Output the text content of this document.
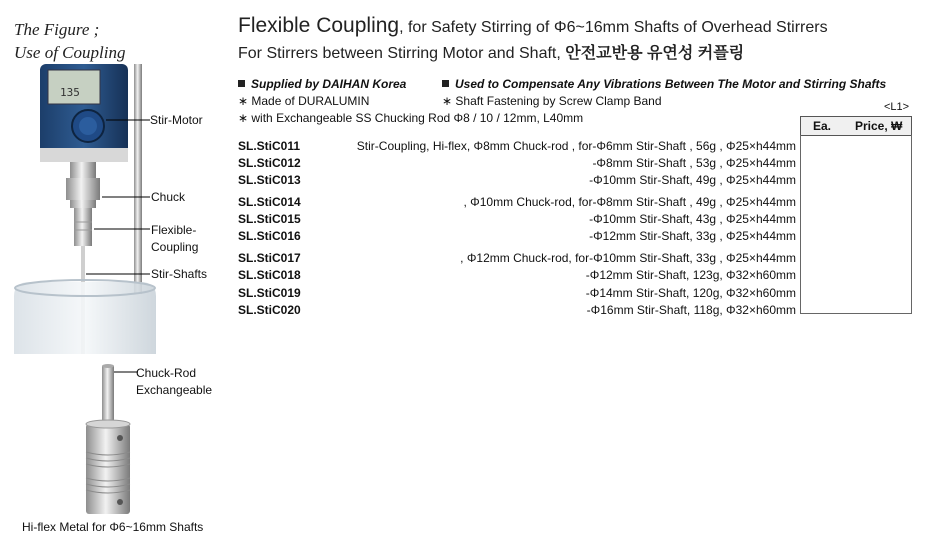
The Figure ;
Use of Coupling
135
Stir-Motor
Chuck
Flexible-
Coupling
Stir-Shafts
Chuck-Rod
Exchangeable
Hi-flex Metal for Φ6~16mm Shafts
Flexible Coupling, for Safety Stirring of Φ6~16mm Shafts of Overhead Stirrers
For Stirrers between Stirring Motor and Shaft, 안전교반용 유연성 커플링
Supplied by DAIHAN Korea	Used to Compensate Any Vibrations Between The Motor and Stirring Shafts
∗ Made of DURALUMIN	∗ Shaft Fastening by Screw Clamp Band
∗ with Exchangeable SS Chucking Rod Φ8 / 10 / 12mm, L40mm
<L1>
Ea. Price, ₩
SL.StiC011	Stir-Coupling, Hi-flex, Φ8mm Chuck-rod , for-Φ6mm Stir-Shaft , 56g , Φ25×h44mm
SL.StiC012	-Φ8mm Stir-Shaft , 53g , Φ25×h44mm
SL.StiC013	-Φ10mm Stir-Shaft, 49g , Φ25×h44mm
SL.StiC014	, Φ10mm Chuck-rod, for-Φ8mm Stir-Shaft , 49g , Φ25×h44mm
SL.StiC015	-Φ10mm Stir-Shaft, 43g , Φ25×h44mm
SL.StiC016	-Φ12mm Stir-Shaft, 33g , Φ25×h44mm
SL.StiC017	, Φ12mm Chuck-rod, for-Φ10mm Stir-Shaft, 33g , Φ25×h44mm
SL.StiC018	-Φ12mm Stir-Shaft, 123g, Φ32×h60mm
SL.StiC019	-Φ14mm Stir-Shaft, 120g, Φ32×h60mm
SL.StiC020	-Φ16mm Stir-Shaft, 118g, Φ32×h60mm
